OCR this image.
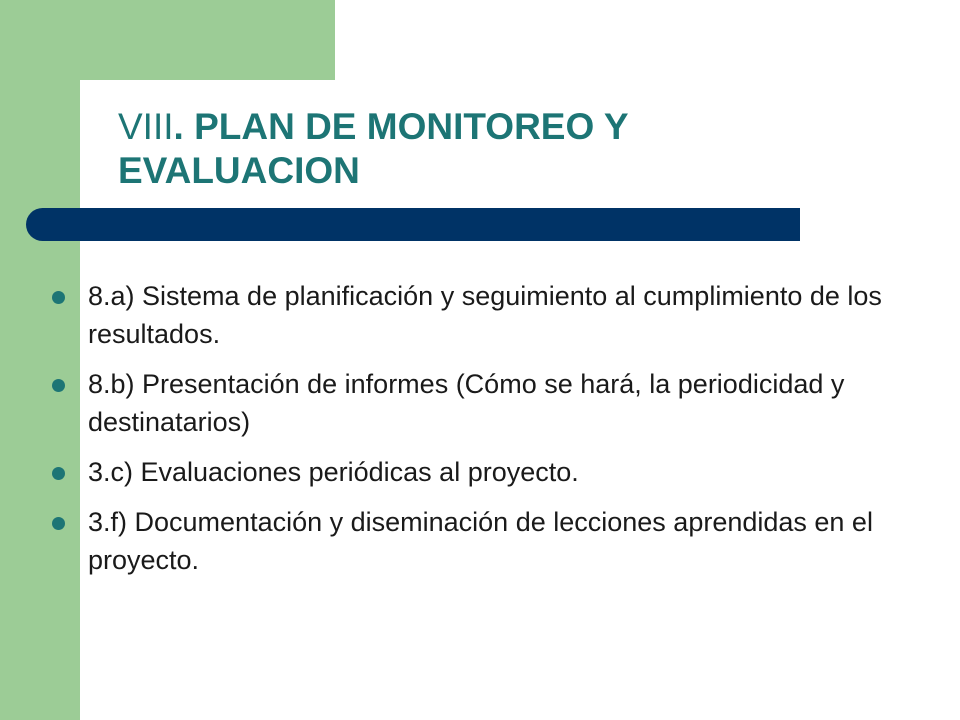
VIII. PLAN DE MONITOREO Y EVALUACION
8.a) Sistema de planificación y seguimiento al cumplimiento de los resultados.
8.b) Presentación de informes (Cómo se hará, la periodicidad y destinatarios)
3.c) Evaluaciones periódicas al proyecto.
3.f) Documentación y diseminación de lecciones aprendidas en el proyecto.
